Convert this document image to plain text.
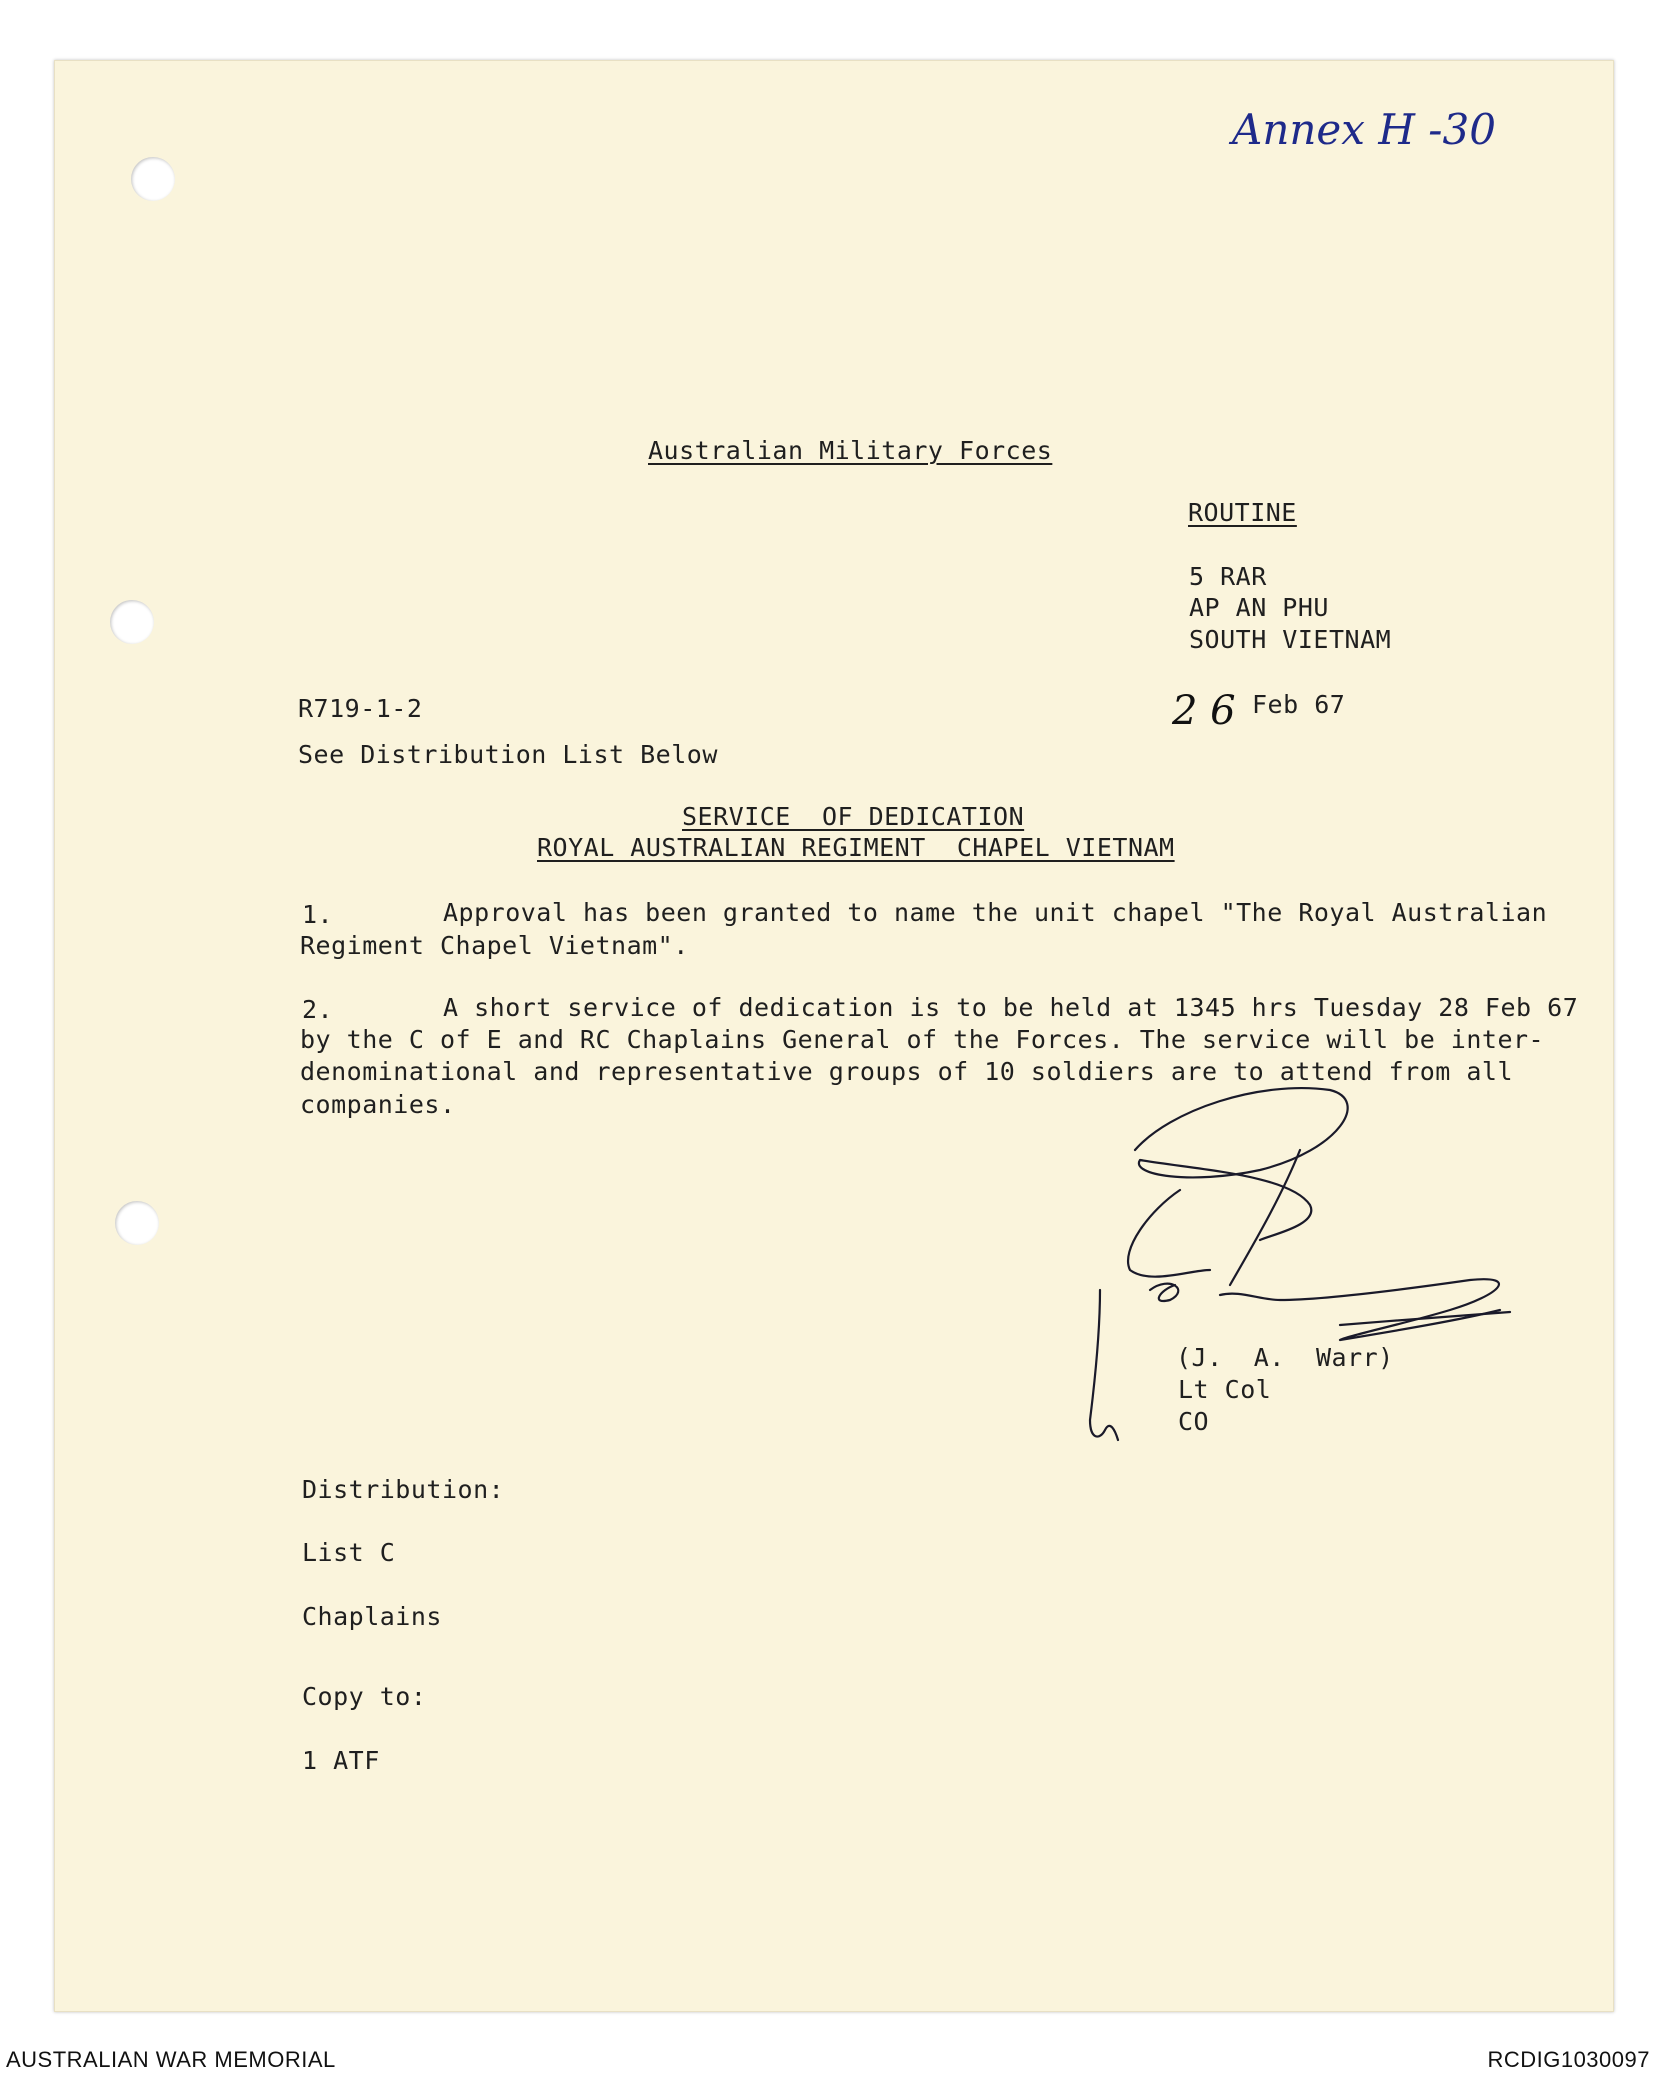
Annex H -30
Australian Military Forces
ROUTINE
5 RAR
AP AN PHU
SOUTH VIETNAM
R719-1-2	2 6 Feb 67
See Distribution List Below
SERVICE  OF DEDICATION
ROYAL AUSTRALIAN REGIMENT  CHAPEL VIETNAM
1.	Approval has been granted to name the unit chapel "The Royal Australian
Regiment Chapel Vietnam".
2.	A short service of dedication is to be held at 1345 hrs Tuesday 28 Feb 67
by the C of E and RC Chaplains General of the Forces. The service will be inter-
denominational and representative groups of 10 soldiers are to attend from all
companies.
(J.  A.  Warr)
Lt Col
CO
Distribution:
List C
Chaplains
Copy to:
1 ATF
AUSTRALIAN WAR MEMORIAL	RCDIG1030097
